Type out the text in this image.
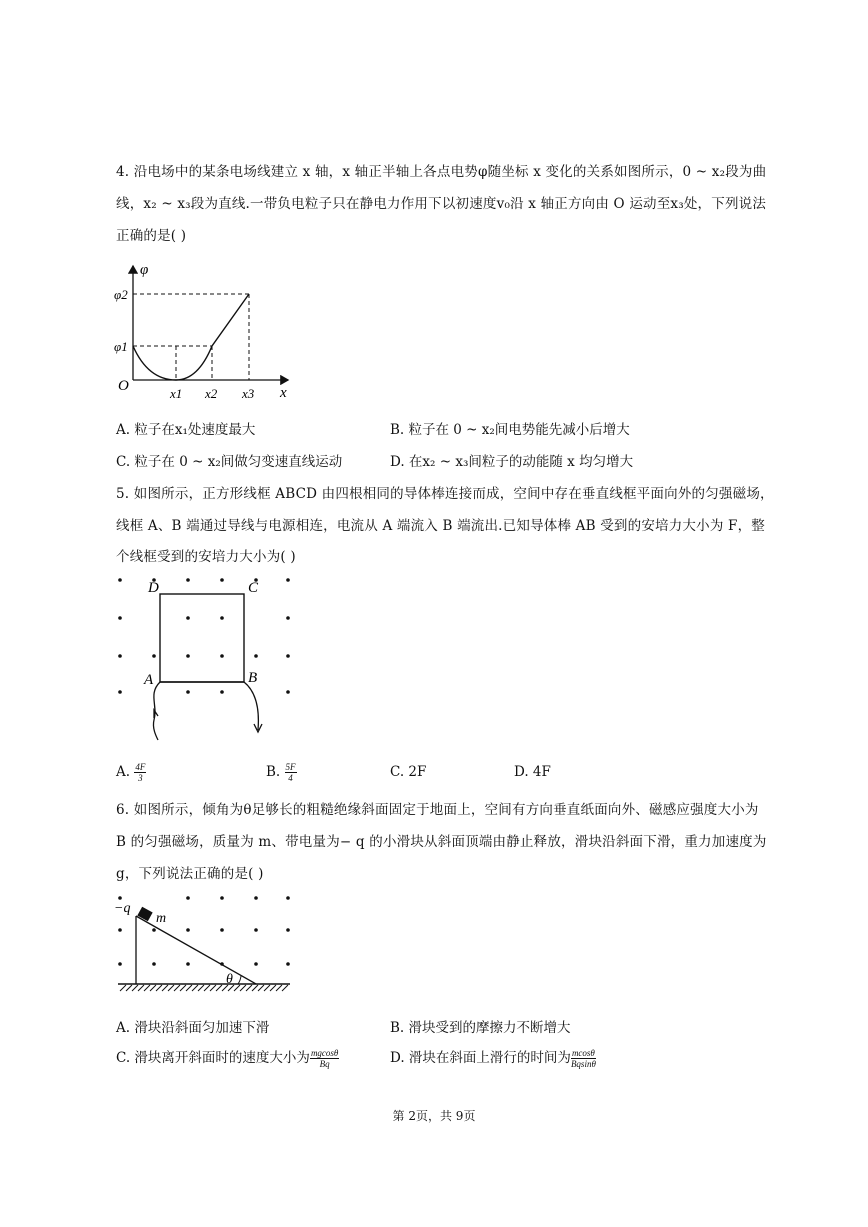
4. 沿电场中的某条电场线建立 x 轴，x 轴正半轴上各点电势φ随坐标 x 变化的关系如图所示，0 ~ x₂段为曲
线，x₂ ~ x₃段为直线.一带负电粒子只在静电力作用下以初速度v₀沿 x 轴正方向由 O 运动至x₃处，下列说法
正确的是( )
φ
x
O
φ2
φ1
x1 x2 x3
A. 粒子在x₁处速度最大	B. 粒子在 0 ~ x₂间电势能先减小后增大
C. 粒子在 0 ~ x₂间做匀变速直线运动	D. 在x₂ ~ x₃间粒子的动能随 x 均匀增大
5. 如图所示，正方形线框 ABCD 由四根相同的导体棒连接而成，空间中存在垂直线框平面向外的匀强磁场，
线框 A、B 端通过导线与电源相连，电流从 A 端流入 B 端流出.已知导体棒 AB 受到的安培力大小为 F，整
个线框受到的安培力大小为( )
D	C
A	B
A. $\frac{4F}{3}$	B. $\frac{5F}{4}$	C. 2F	D. 4F
6. 如图所示，倾角为θ足够长的粗糙绝缘斜面固定于地面上，空间有方向垂直纸面向外、磁感应强度大小为
B 的匀强磁场，质量为 m、带电量为− q 的小滑块从斜面顶端由静止释放，滑块沿斜面下滑，重力加速度为
g，下列说法正确的是( )
−q
m
θ
A. 滑块沿斜面匀加速下滑	B. 滑块受到的摩擦力不断增大
C. 滑块离开斜面时的速度大小为 $\frac{mgcos\theta}{Bq}$	D. 滑块在斜面上滑行的时间为 $\frac{mcos\theta}{Bqsin\theta}$
第 2页，共 9页
